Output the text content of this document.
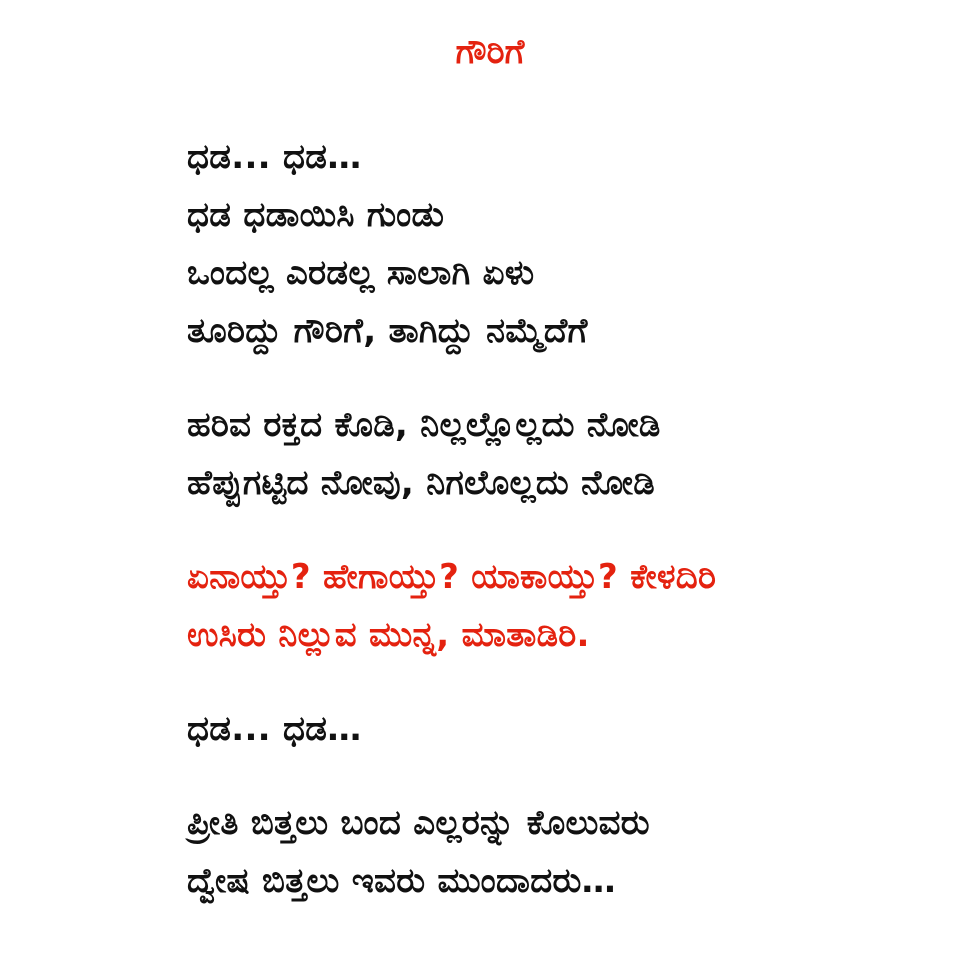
ಗೌರಿಗೆ
ಧಡ... ಧಡ…
ಧಡ ಧಡಾಯಿಸಿ ಗುಂಡು
ಒಂದಲ್ಲ ಎರಡಲ್ಲ ಸಾಲಾಗಿ ಏಳು
ತೂರಿದ್ದು ಗೌರಿಗೆ, ತಾಗಿದ್ದು ನಮ್ಮೆದೆಗೆ
ಹರಿವ ರಕ್ತದ ಕೊಡಿ, ನಿಲ್ಲಲ್ಲೊಲ್ಲದು ನೋಡಿ
ಹೆಪ್ಪುಗಟ್ಟಿದ ನೋವು, ನಿಗಲೊಲ್ಲದು ನೋಡಿ
ಏನಾಯ್ತು? ಹೇಗಾಯ್ತು? ಯಾಕಾಯ್ತು? ಕೇಳದಿರಿ
ಉಸಿರು ನಿಲ್ಲುವ ಮುನ್ನ, ಮಾತಾಡಿರಿ.
ಧಡ... ಧಡ…
ಪ್ರೀತಿ ಬಿತ್ತಲು ಬಂದ ಎಲ್ಲರನ್ನು ಕೊಲುವರು
ದ್ವೇಷ ಬಿತ್ತಲು ಇವರು ಮುಂದಾದರು…
